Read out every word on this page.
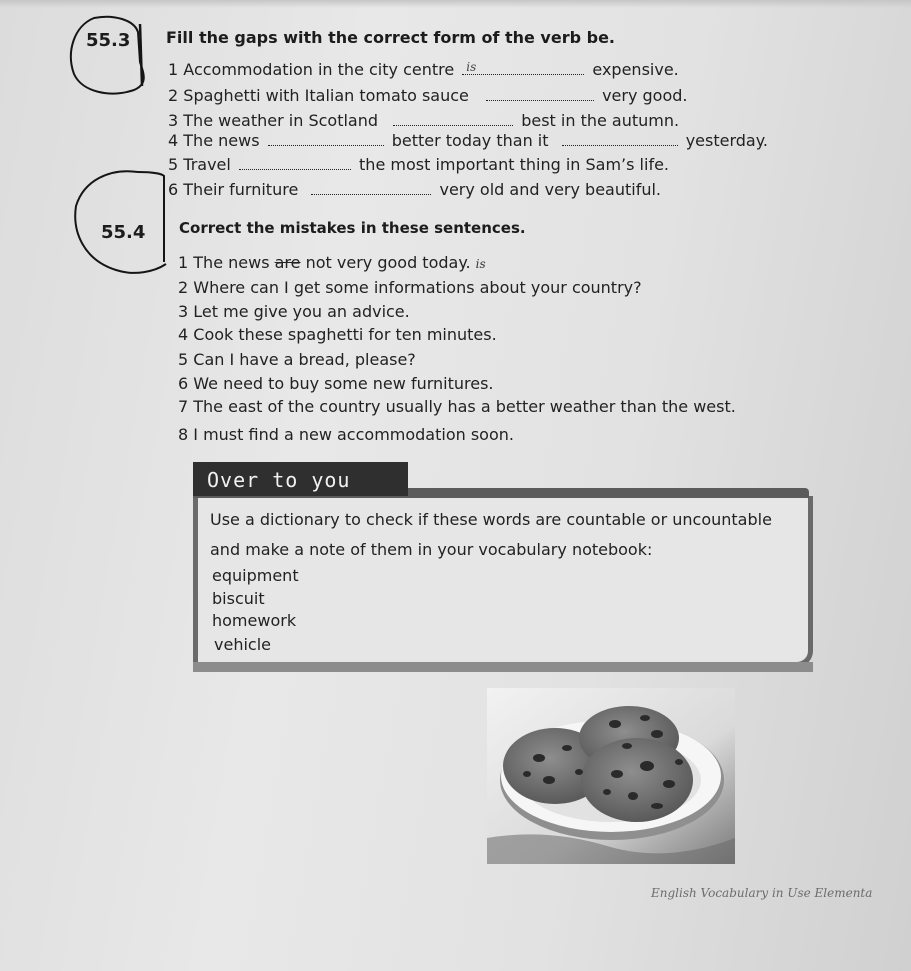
55.3 Fill the gaps with the correct form of the verb be.
1 Accommodation in the city centre is	expensive.
2 Spaghetti with Italian tomato sauce	very good.
3 The weather in Scotland	best in the autumn.
4 The news	better today than it	yesterday.
5 Travel	the most important thing in Sam’s life.
6 Their furniture	very old and very beautiful.
55.4 Correct the mistakes in these sentences.
1 The news are not very good today. is
2 Where can I get some informations about your country?
3 Let me give you an advice.
4 Cook these spaghetti for ten minutes.
5 Can I have a bread, please?
6 We need to buy some new furnitures.
7 The east of the country usually has a better weather than the west.
8 I must find a new accommodation soon.
Over to you
Use a dictionary to check if these words are countable or uncountable
and make a note of them in your vocabulary notebook:
equipment
biscuit
homework
vehicle
English Vocabulary in Use Elementa
